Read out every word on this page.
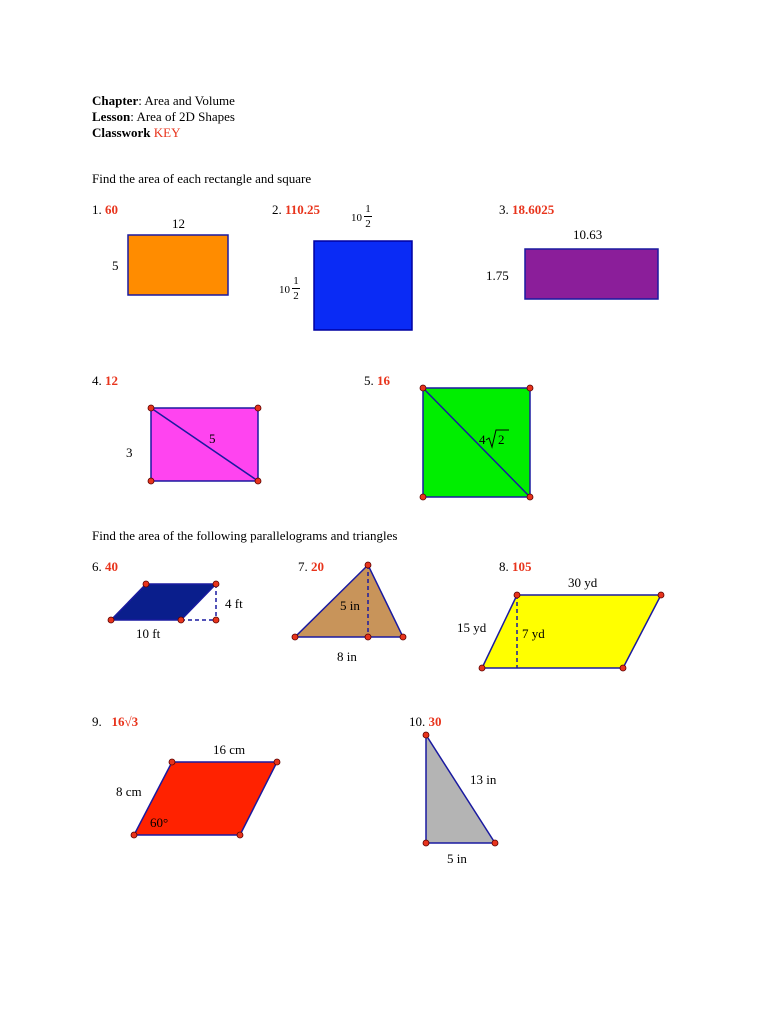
Chapter: Area and Volume
Lesson: Area of 2D Shapes
Classwork KEY
Find the area of each rectangle and square
Find the area of the following parallelograms and triangles
1. 60
12
5
2. 110.25
10
1
2
10
1
2
3. 18.6025
10.63
1.75
4. 12
5
3
5. 16
4 2
6. 40
4 ft
10 ft
7. 20
5 in
8 in
8. 105
30 yd
15 yd	7 yd
9. 16√3
16 cm
8 cm
60°
10. 30
13 in
5 in
